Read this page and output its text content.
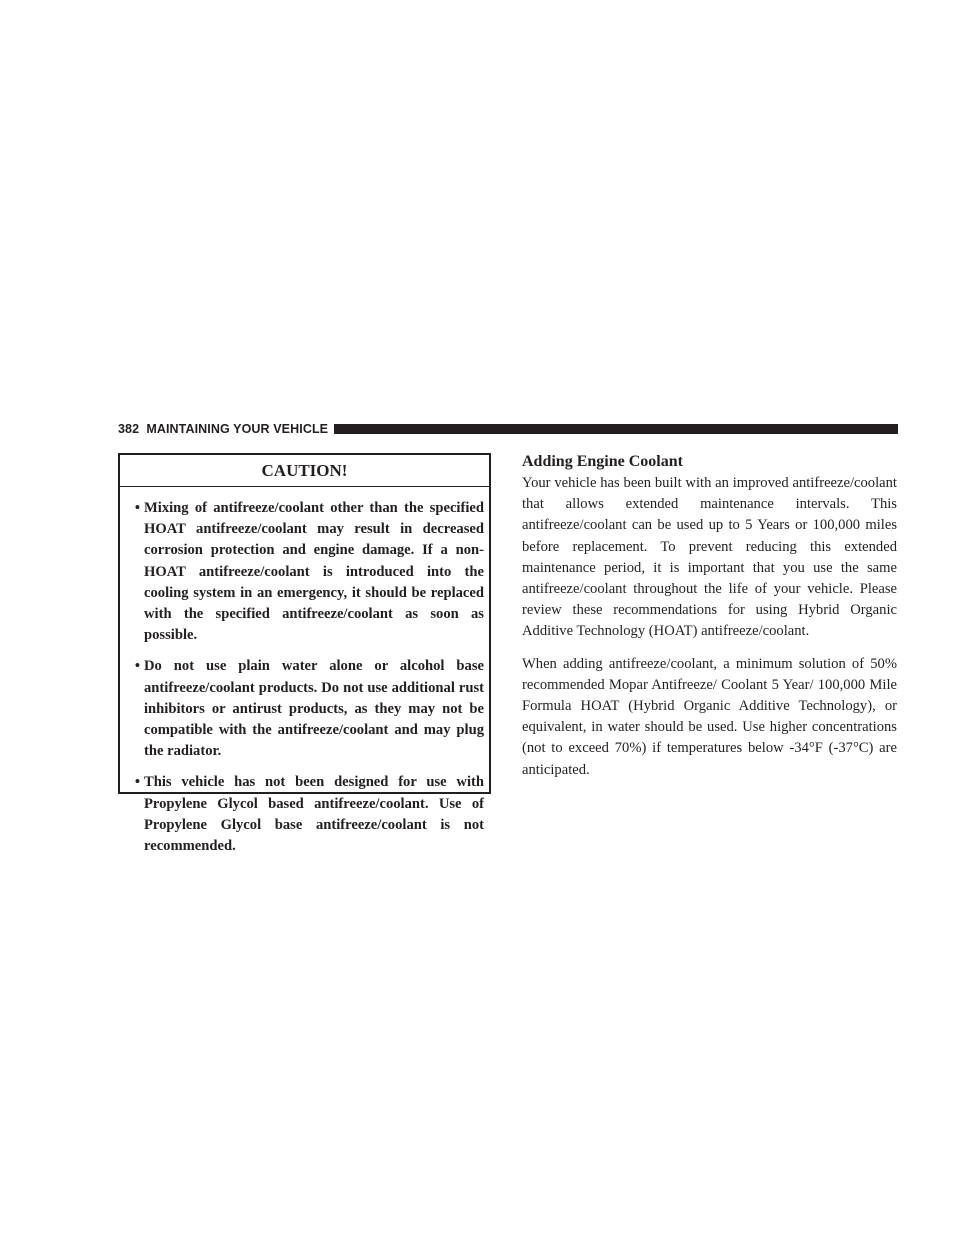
382
MAINTAINING YOUR VEHICLE
CAUTION!
• Mixing of antifreeze/coolant other than the specified HOAT antifreeze/coolant may result in decreased corrosion protection and engine damage. If a non-HOAT antifreeze/coolant is introduced into the cooling system in an emergency, it should be replaced with the specified antifreeze/coolant as soon as possible.
• Do not use plain water alone or alcohol base antifreeze/coolant products. Do not use additional rust inhibitors or antirust products, as they may not be compatible with the antifreeze/coolant and may plug the radiator.
• This vehicle has not been designed for use with Propylene Glycol based antifreeze/coolant. Use of Propylene Glycol base antifreeze/coolant is not recommended.
Adding Engine Coolant

Your vehicle has been built with an improved antifreeze/coolant that allows extended maintenance intervals. This antifreeze/coolant can be used up to 5 Years or 100,000 miles before replacement. To prevent reducing this extended maintenance period, it is important that you use the same antifreeze/coolant throughout the life of your vehicle. Please review these recommendations for using Hybrid Organic Additive Technology (HOAT) antifreeze/coolant.

When adding antifreeze/coolant, a minimum solution of 50% recommended Mopar Antifreeze/ Coolant 5 Year/ 100,000 Mile Formula HOAT (Hybrid Organic Additive Technology), or equivalent, in water should be used. Use higher concentrations (not to exceed 70%) if temperatures below -34°F (-37°C) are anticipated.
